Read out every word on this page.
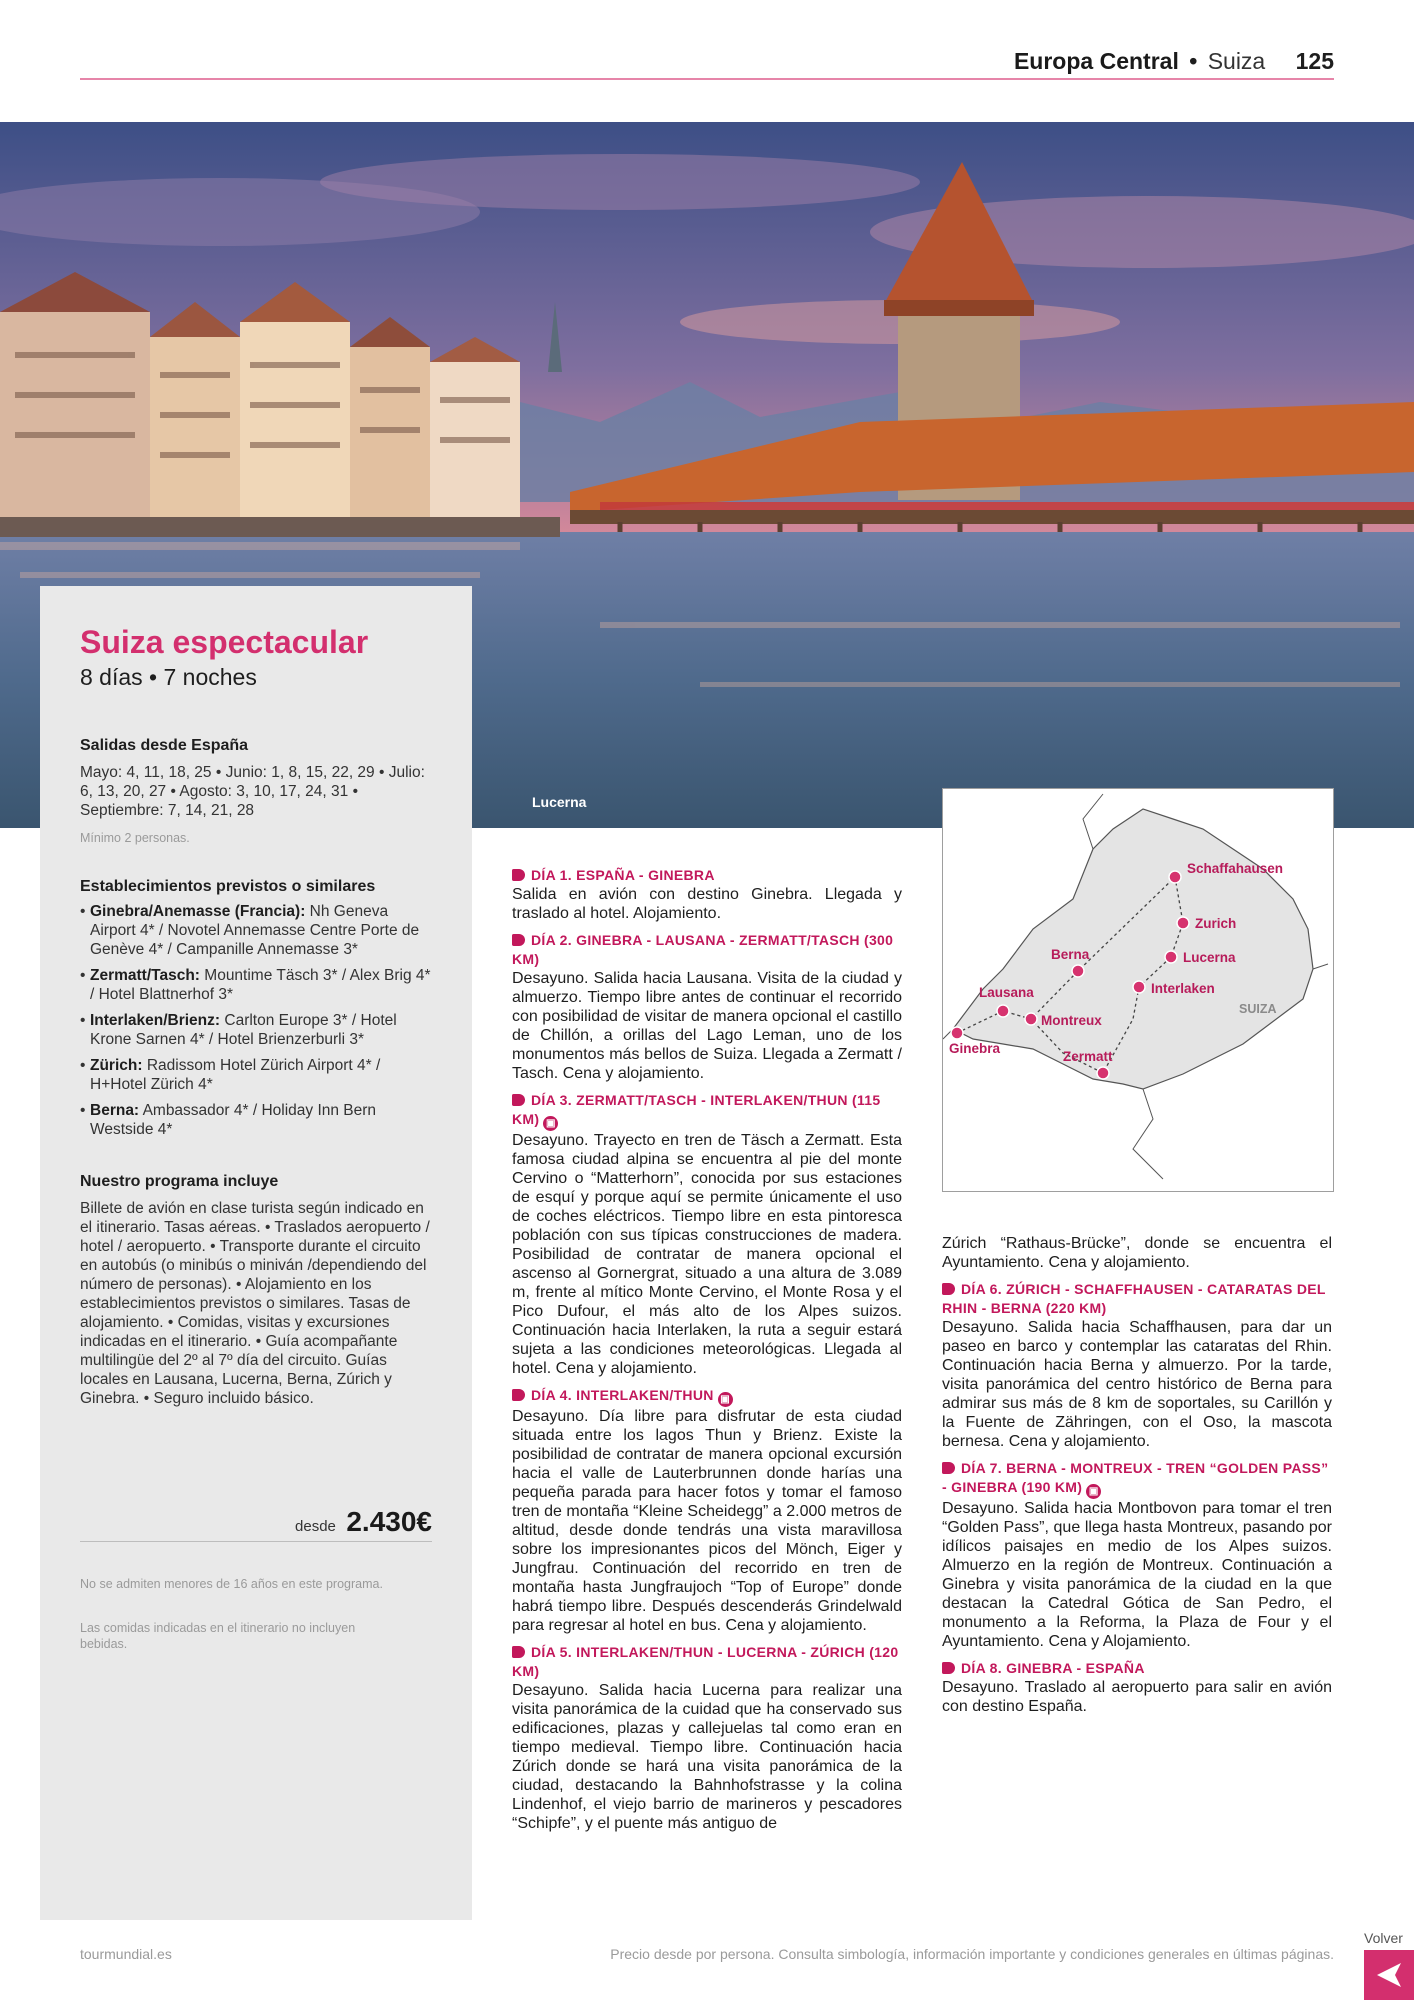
Europa Central • Suiza 125
Lucerna
Suiza espectacular
8 días • 7 noches
Salidas desde España
Mayo: 4, 11, 18, 25 • Junio: 1, 8, 15, 22, 29 • Julio: 6, 13, 20, 27 • Agosto: 3, 10, 17, 24, 31 • Septiembre: 7, 14, 21, 28
Mínimo 2 personas.
Establecimientos previstos o similares
• Ginebra/Anemasse (Francia): Nh Geneva Airport 4* / Novotel Annemasse Centre Porte de Genève 4* / Campanille Annemasse 3*
• Zermatt/Tasch: Mountime Täsch 3* / Alex Brig 4* / Hotel Blattnerhof 3*
• Interlaken/Brienz: Carlton Europe 3* / Hotel Krone Sarnen 4* / Hotel Brienzerburli 3*
• Zürich: Radissom Hotel Zürich Airport 4* / H+Hotel Zürich 4*
• Berna: Ambassador 4* / Holiday Inn Bern Westside 4*
Nuestro programa incluye
Billete de avión en clase turista según indicado en el itinerario. Tasas aéreas. • Traslados aeropuerto / hotel / aeropuerto. • Transporte durante el circuito en autobús (o minibús o miniván /dependiendo del número de personas). • Alojamiento en los establecimientos previstos o similares. Tasas de alojamiento. • Comidas, visitas y excursiones indicadas en el itinerario. • Guía acompañante multilingüe del 2º al 7º día del circuito. Guías locales en Lausana, Lucerna, Berna, Zúrich y Ginebra. • Seguro incluido básico.
desde 2.430€
No se admiten menores de 16 años en este programa.
Las comidas indicadas en el itinerario no incluyen bebidas.
DÍA 1. ESPAÑA - GINEBRA
Salida en avión con destino Ginebra. Llegada y traslado al hotel. Alojamiento.
DÍA 2. GINEBRA - LAUSANA - ZERMATT/TASCH (300 KM)
Desayuno. Salida hacia Lausana. Visita de la ciudad y almuerzo. Tiempo libre antes de continuar el recorrido con posibilidad de visitar de manera opcional el castillo de Chillón, a orillas del Lago Leman, uno de los monumentos más bellos de Suiza. Llegada a Zermatt / Tasch. Cena y alojamiento.
DÍA 3. ZERMATT/TASCH - INTERLAKEN/THUN (115 KM) ▣
Desayuno. Trayecto en tren de Täsch a Zermatt. Esta famosa ciudad alpina se encuentra al pie del monte Cervino o “Matterhorn”, conocida por sus estaciones de esquí y porque aquí se permite únicamente el uso de coches eléctricos. Tiempo libre en esta pintoresca población con sus típicas construcciones de madera. Posibilidad de contratar de manera opcional el ascenso al Gornergrat, situado a una altura de 3.089 m, frente al mítico Monte Cervino, el Monte Rosa y el Pico Dufour, el más alto de los Alpes suizos. Continuación hacia Interlaken, la ruta a seguir estará sujeta a las condiciones meteorológicas. Llegada al hotel. Cena y alojamiento.
DÍA 4. INTERLAKEN/THUN ▣
Desayuno. Día libre para disfrutar de esta ciudad situada entre los lagos Thun y Brienz. Existe la posibilidad de contratar de manera opcional excursión hacia el valle de Lauterbrunnen donde harías una pequeña parada para hacer fotos y tomar el famoso tren de montaña “Kleine Scheidegg” a 2.000 metros de altitud, desde donde tendrás una vista maravillosa sobre los impresionantes picos del Mönch, Eiger y Jungfrau. Continuación del recorrido en tren de montaña hasta Jungfraujoch “Top of Europe” donde habrá tiempo libre. Después descenderás Grindelwald para regresar al hotel en bus. Cena y alojamiento.
DÍA 5. INTERLAKEN/THUN - LUCERNA - ZÚRICH (120 KM)
Desayuno. Salida hacia Lucerna para realizar una visita panorámica de la cuidad que ha conservado sus edificaciones, plazas y callejuelas tal como eran en tiempo medieval. Tiempo libre. Continuación hacia Zúrich donde se hará una visita panorámica de la ciudad, destacando la Bahnhofstrasse y la colina Lindenhof, el viejo barrio de marineros y pescadores “Schipfe”, y el puente más antiguo de
Schaffahausen
Zurich
Lucerna
Berna
Interlaken
Lausana
Montreux
Ginebra
Zermatt
SUIZA
Zúrich “Rathaus-Brücke”, donde se encuentra el Ayuntamiento. Cena y alojamiento.
DÍA 6. ZÚRICH - SCHAFFHAUSEN - CATARATAS DEL RHIN - BERNA (220 KM)
Desayuno. Salida hacia Schaffhausen, para dar un paseo en barco y contemplar las cataratas del Rhin. Continuación hacia Berna y almuerzo. Por la tarde, visita panorámica del centro histórico de Berna para admirar sus más de 8 km de soportales, su Carillón y la Fuente de Zähringen, con el Oso, la mascota bernesa. Cena y alojamiento.
DÍA 7. BERNA - MONTREUX - TREN “GOLDEN PASS” - GINEBRA (190 KM) ▣
Desayuno. Salida hacia Montbovon para tomar el tren “Golden Pass”, que llega hasta Montreux, pasando por idílicos paisajes en medio de los Alpes suizos. Almuerzo en la región de Montreux. Continuación a Ginebra y visita panorámica de la ciudad en la que destacan la Catedral Gótica de San Pedro, el monumento a la Reforma, la Plaza de Four y el Ayuntamiento. Cena y Alojamiento.
DÍA 8. GINEBRA - ESPAÑA
Desayuno. Traslado al aeropuerto para salir en avión con destino España.
tourmundial.es	Precio desde por persona. Consulta simbología, información importante y condiciones generales en últimas páginas.
Volver
